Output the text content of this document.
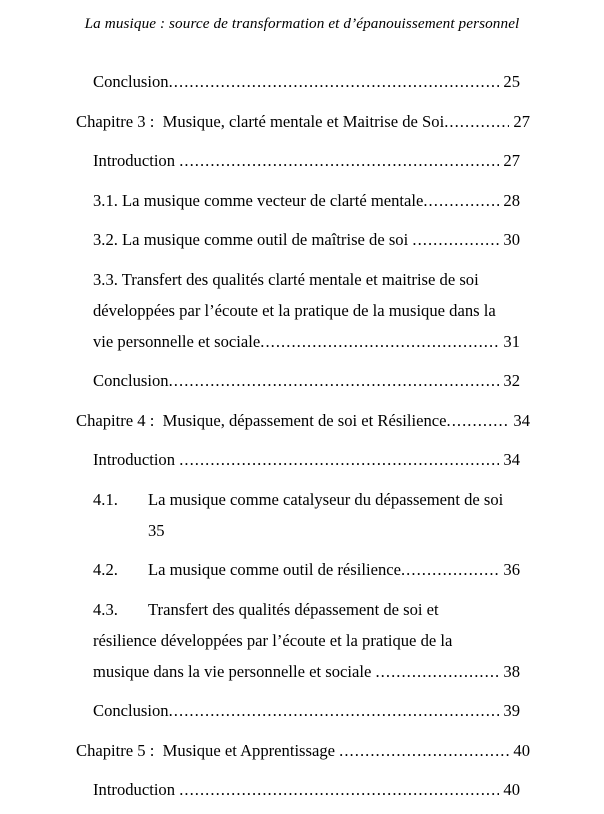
La musique : source de transformation et d’épanouissement personnel
Conclusion .....	25
Chapitre 3 :  Musique, clarté mentale et Maitrise de Soi .....	27
Introduction .....	27
3.1. La musique comme vecteur de clarté mentale .....	28
3.2. La musique comme outil de maîtrise de soi .....	30
3.3. Transfert des qualités clarté mentale et maitrise de soi
développées par l’écoute et la pratique de la musique dans la
vie personnelle et sociale .....	31
Conclusion .....	32
Chapitre 4 :  Musique, dépassement de soi et Résilience .....	34
Introduction .....	34
4.1.	La musique comme catalyseur du dépassement de soi
35
4.2.	La musique comme outil de résilience .....	36
4.3.	Transfert des qualités dépassement de soi et
résilience développées par l’écoute et la pratique de la
musique dans la vie personnelle et sociale .....	38
Conclusion .....	39
Chapitre 5 :  Musique et Apprentissage .....	40
Introduction .....	40
